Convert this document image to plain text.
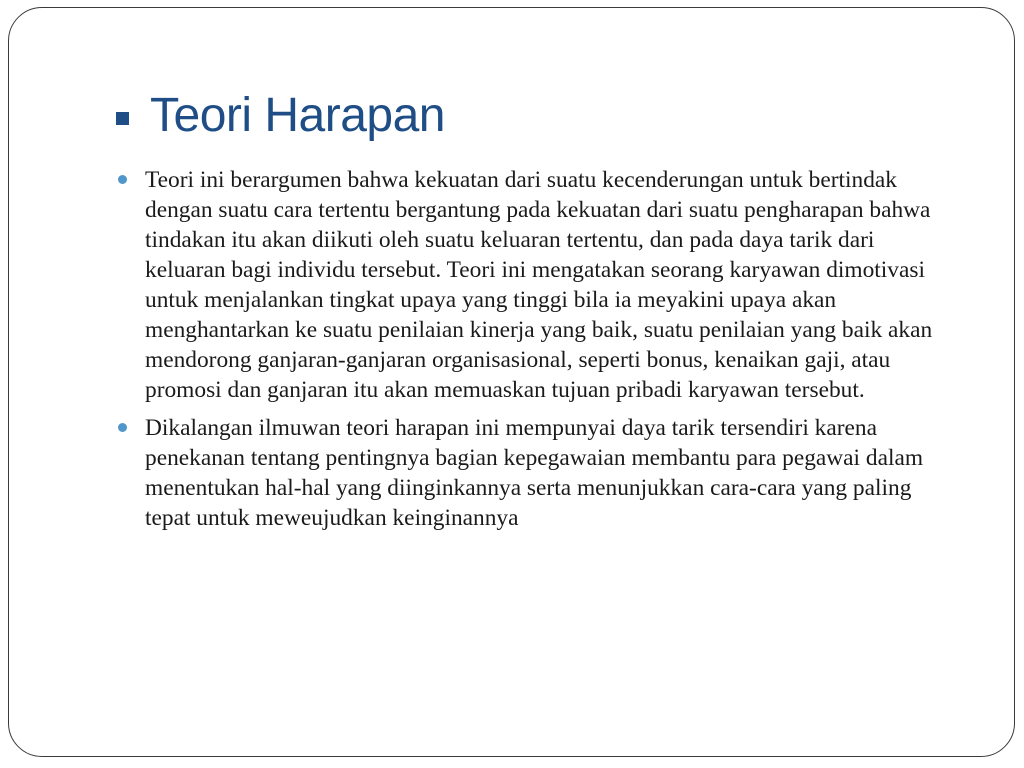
Teori Harapan

Teori ini berargumen bahwa kekuatan dari suatu kecenderungan untuk bertindak dengan suatu cara tertentu bergantung pada kekuatan dari suatu pengharapan bahwa tindakan itu akan diikuti oleh suatu keluaran tertentu, dan pada daya tarik dari keluaran bagi individu tersebut. Teori ini mengatakan seorang karyawan dimotivasi untuk menjalankan tingkat upaya yang tinggi bila ia meyakini upaya akan menghantarkan ke suatu penilaian kinerja yang baik, suatu penilaian yang baik akan mendorong ganjaran-ganjaran organisasional, seperti bonus, kenaikan gaji, atau promosi dan ganjaran itu akan memuaskan tujuan pribadi karyawan tersebut.

Dikalangan ilmuwan teori harapan ini mempunyai daya tarik tersendiri karena penekanan tentang pentingnya bagian kepegawaian membantu para pegawai dalam menentukan hal-hal yang diinginkannya serta menunjukkan cara-cara yang paling tepat untuk meweujudkan keinginannya
